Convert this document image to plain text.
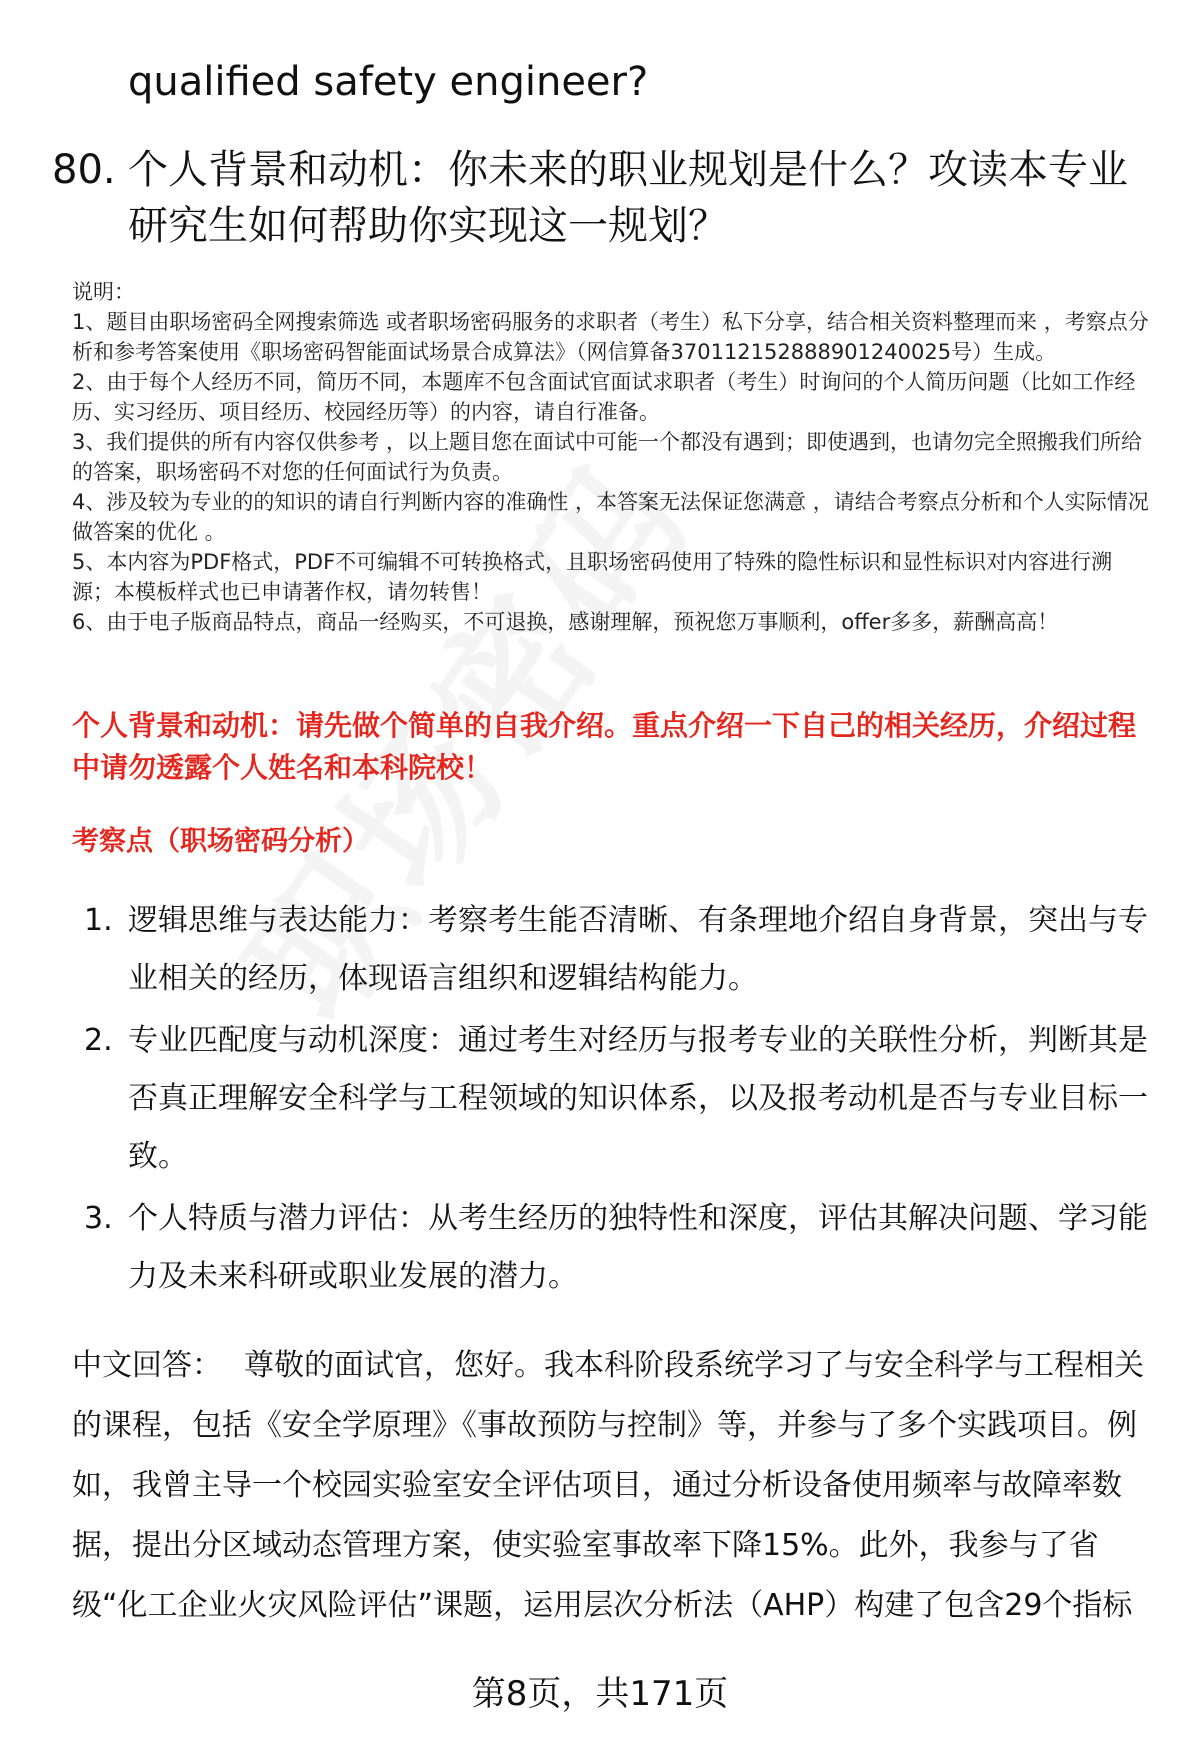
qualified safety engineer?
80. 个人背景和动机：你未来的职业规划是什么？攻读本专业研究生如何帮助你实现这一规划？
说明：
1、题目由职场密码全网搜索筛选 或者职场密码服务的求职者（考生）私下分享，结合相关资料整理而来 ，考察点分析和参考答案使用《职场密码智能面试场景合成算法》（网信算备370112152888901240025号）生成。
2、由于每个人经历不同，简历不同，本题库不包含面试官面试求职者（考生）时询问的个人简历问题（比如工作经历、实习经历、项目经历、校园经历等）的内容，请自行准备。
3、我们提供的所有内容仅供参考 ，以上题目您在面试中可能一个都没有遇到；即使遇到，也请勿完全照搬我们所给的答案，职场密码不对您的任何面试行为负责。
4、涉及较为专业的的知识的请自行判断内容的准确性 ，本答案无法保证您满意 ，请结合考察点分析和个人实际情况做答案的优化 。
5、本内容为PDF格式，PDF不可编辑不可转换格式，且职场密码使用了特殊的隐性标识和显性标识对内容进行溯源；本模板样式也已申请著作权，请勿转售！
6、由于电子版商品特点，商品一经购买，不可退换，感谢理解，预祝您万事顺利，offer多多，薪酬高高！
个人背景和动机：请先做个简单的自我介绍。重点介绍一下自己的相关经历，介绍过程中请勿透露个人姓名和本科院校！
考察点（职场密码分析）
1. 逻辑思维与表达能力：考察考生能否清晰、有条理地介绍自身背景，突出与专业相关的经历，体现语言组织和逻辑结构能力。
2. 专业匹配度与动机深度：通过考生对经历与报考专业的关联性分析，判断其是否真正理解安全科学与工程领域的知识体系，以及报考动机是否与专业目标一致。
3. 个人特质与潜力评估：从考生经历的独特性和深度，评估其解决问题、学习能力及未来科研或职业发展的潜力。
中文回答： 尊敬的面试官，您好。我本科阶段系统学习了与安全科学与工程相关的课程，包括《安全学原理》《事故预防与控制》等，并参与了多个实践项目。例如，我曾主导一个校园实验室安全评估项目，通过分析设备使用频率与故障率数据，提出分区域动态管理方案，使实验室事故率下降15%。此外，我参与了省级“化工企业火灾风险评估”课题，运用层次分析法（AHP）构建了包含29个指标
第8页，共171页
